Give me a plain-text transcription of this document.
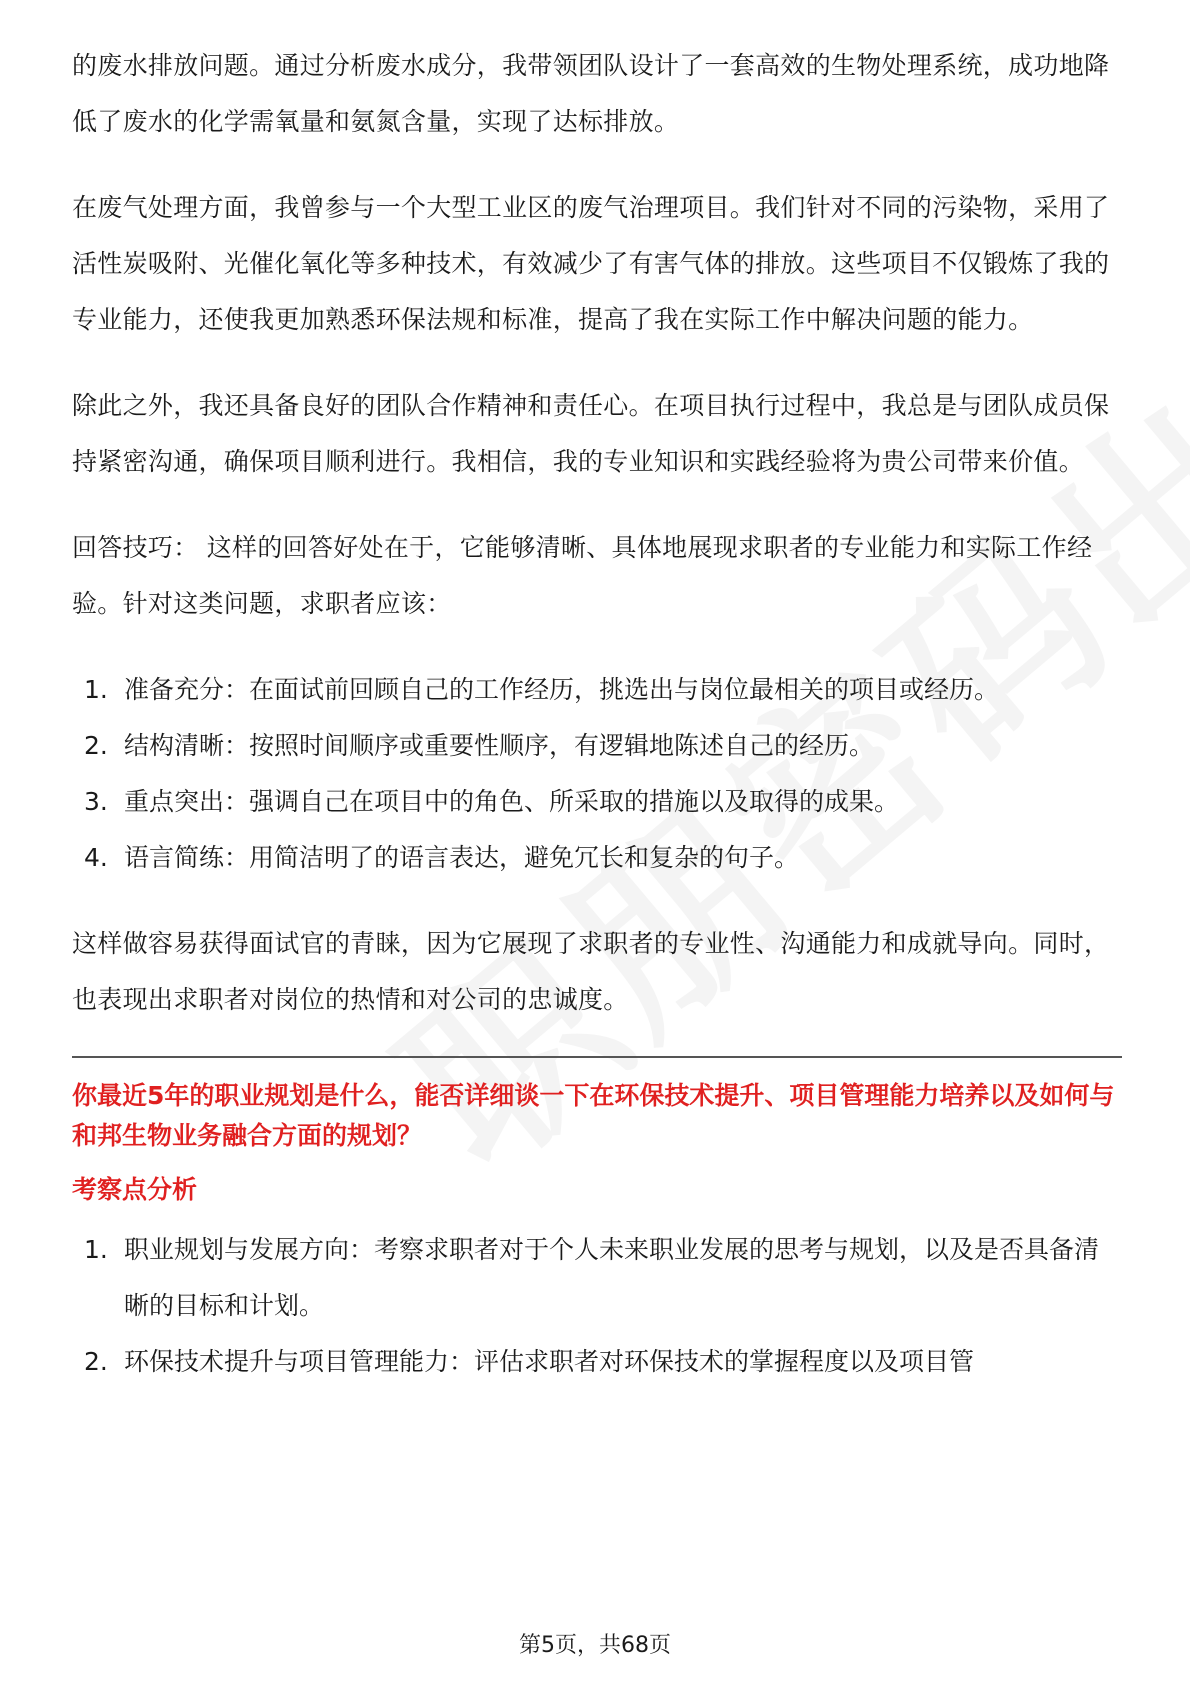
的废水排放问题。通过分析废水成分，我带领团队设计了一套高效的生物处理系统，成功地降低了废水的化学需氧量和氨氮含量，实现了达标排放。

在废气处理方面，我曾参与一个大型工业区的废气治理项目。我们针对不同的污染物，采用了活性炭吸附、光催化氧化等多种技术，有效减少了有害气体的排放。这些项目不仅锻炼了我的专业能力，还使我更加熟悉环保法规和标准，提高了我在实际工作中解决问题的能力。

除此之外，我还具备良好的团队合作精神和责任心。在项目执行过程中，我总是与团队成员保持紧密沟通，确保项目顺利进行。我相信，我的专业知识和实践经验将为贵公司带来价值。

回答技巧： 这样的回答好处在于，它能够清晰、具体地展现求职者的专业能力和实际工作经验。针对这类问题，求职者应该：

1. 准备充分：在面试前回顾自己的工作经历，挑选出与岗位最相关的项目或经历。
2. 结构清晰：按照时间顺序或重要性顺序，有逻辑地陈述自己的经历。
3. 重点突出：强调自己在项目中的角色、所采取的措施以及取得的成果。
4. 语言简练：用简洁明了的语言表达，避免冗长和复杂的句子。

这样做容易获得面试官的青睐，因为它展现了求职者的专业性、沟通能力和成就导向。同时，也表现出求职者对岗位的热情和对公司的忠诚度。

你最近5年的职业规划是什么，能否详细谈一下在环保技术提升、项目管理能力培养以及如何与和邦生物业务融合方面的规划？

考察点分析

1. 职业规划与发展方向：考察求职者对于个人未来职业发展的思考与规划，以及是否具备清晰的目标和计划。
2. 环保技术提升与项目管理能力：评估求职者对环保技术的掌握程度以及项目管
第5页，共68页
